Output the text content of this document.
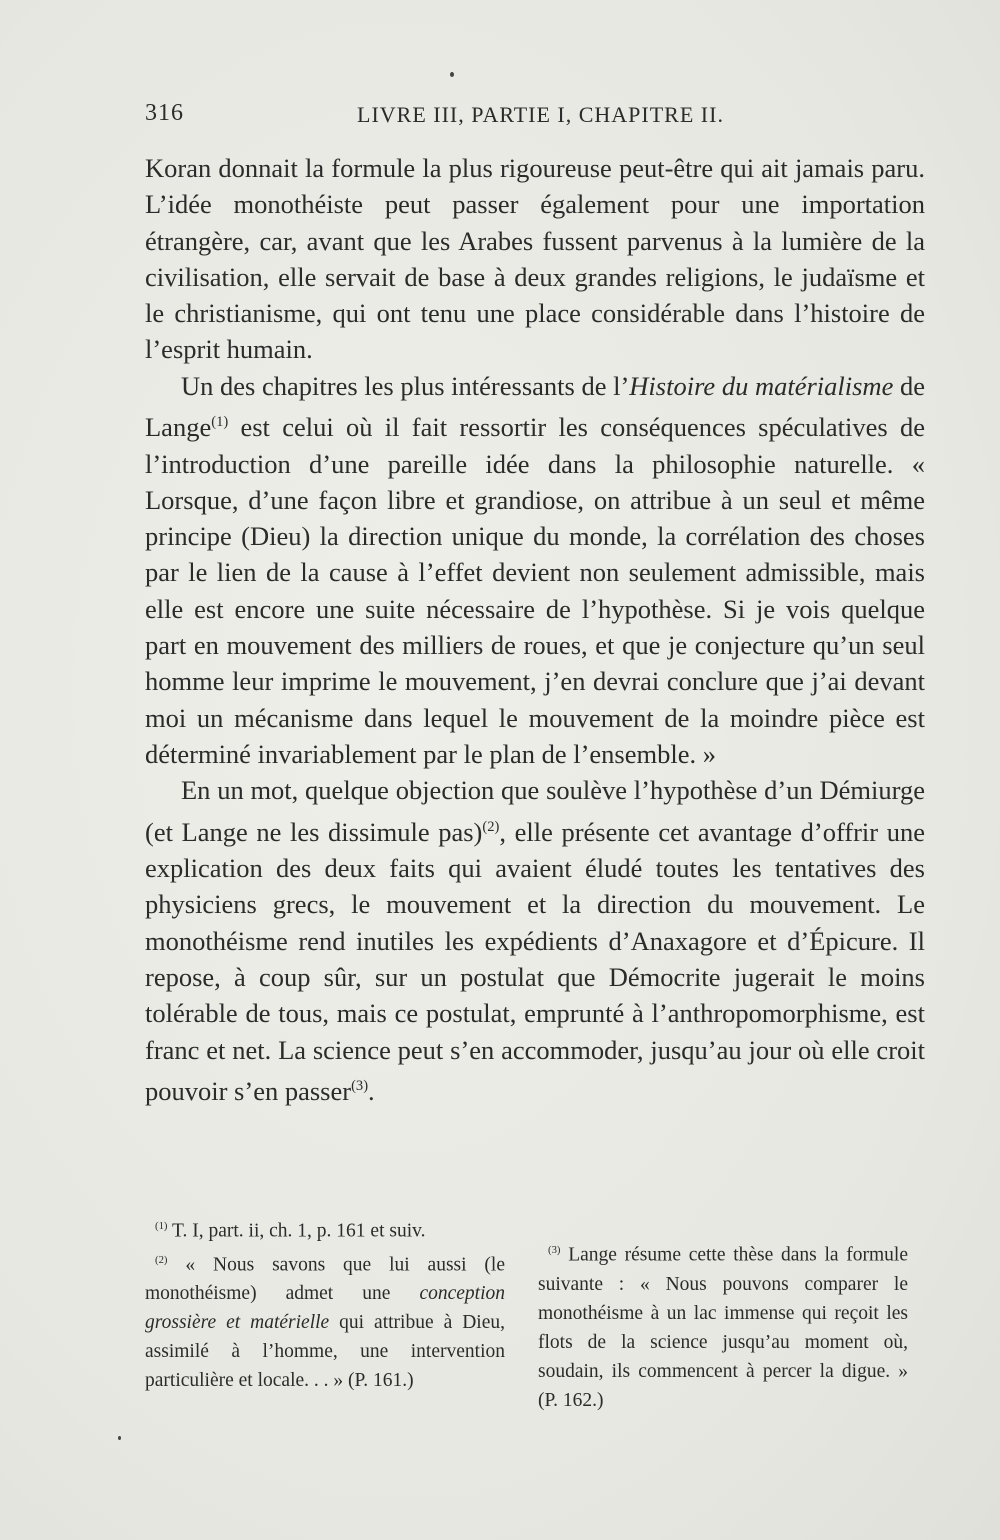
316	LIVRE III, PARTIE I, CHAPITRE II.

Koran donnait la formule la plus rigoureuse peut-être qui ait jamais paru. L’idée monothéiste peut passer également pour une importation étrangère, car, avant que les Arabes fussent parvenus à la lumière de la civilisation, elle servait de base à deux grandes religions, le judaïsme et le christianisme, qui ont tenu une place considérable dans l’histoire de l’esprit humain.

Un des chapitres les plus intéressants de l’Histoire du matérialisme de Lange$^{(1)}$ est celui où il fait ressortir les conséquences spéculatives de l’introduction d’une pareille idée dans la philosophie naturelle. « Lorsque, d’une façon libre et grandiose, on attribue à un seul et même principe (Dieu) la direction unique du monde, la corrélation des choses par le lien de la cause à l’effet devient non seulement admissible, mais elle est encore une suite nécessaire de l’hypothèse. Si je vois quelque part en mouvement des milliers de roues, et que je conjecture qu’un seul homme leur imprime le mouvement, j’en devrai conclure que j’ai devant moi un mécanisme dans lequel le mouvement de la moindre pièce est déterminé invariablement par le plan de l’ensemble. »

En un mot, quelque objection que soulève l’hypothèse d’un Démiurge (et Lange ne les dissimule pas)$^{(2)}$, elle présente cet avantage d’offrir une explication des deux faits qui avaient éludé toutes les tentatives des physiciens grecs, le mouvement et la direction du mouvement. Le monothéisme rend inutiles les expédients d’Anaxagore et d’Épicure. Il repose, à coup sûr, sur un postulat que Démocrite jugerait le moins tolérable de tous, mais ce postulat, emprunté à l’anthropomorphisme, est franc et net. La science peut s’en accommoder, jusqu’au jour où elle croit pouvoir s’en passer$^{(3)}$.

$^{(1)}$ T. I, part. ii, ch. 1, p. 161 et suiv.

$^{(2)}$ « Nous savons que lui aussi (le monothéisme) admet une conception grossière et matérielle qui attribue à Dieu, assimilé à l’homme, une intervention particulière et locale. . . » (P. 161.)

$^{(3)}$ Lange résume cette thèse dans la formule suivante : « Nous pouvons comparer le monothéisme à un lac immense qui reçoit les flots de la science jusqu’au moment où, soudain, ils commencent à percer la digue. » (P. 162.)
